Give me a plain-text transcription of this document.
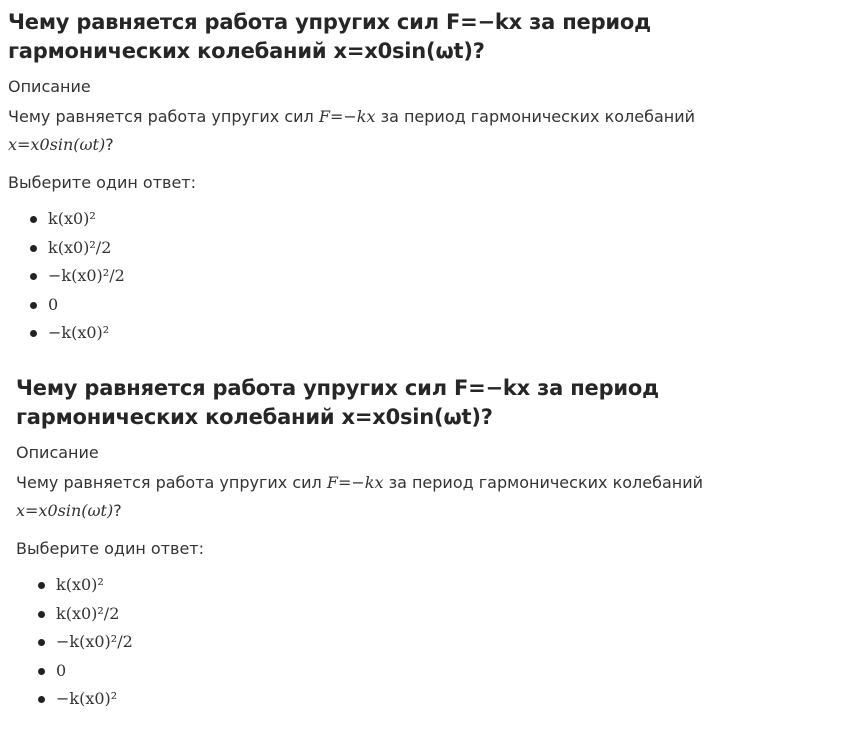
Чему равняется работа упругих сил F=−kx за период
гармонических колебаний x=x0sin(ωt)?
Описание
Чему равняется работа упругих сил F=−kx за период гармонических колебаний
x=x0sin(ωt)?
Выберите один ответ:
k(x0)²
k(x0)²/2
−k(x0)²/2
0
−k(x0)²
Чему равняется работа упругих сил F=−kx за период
гармонических колебаний x=x0sin(ωt)?
Описание
Чему равняется работа упругих сил F=−kx за период гармонических колебаний
x=x0sin(ωt)?
Выберите один ответ:
k(x0)²
k(x0)²/2
−k(x0)²/2
0
−k(x0)²
